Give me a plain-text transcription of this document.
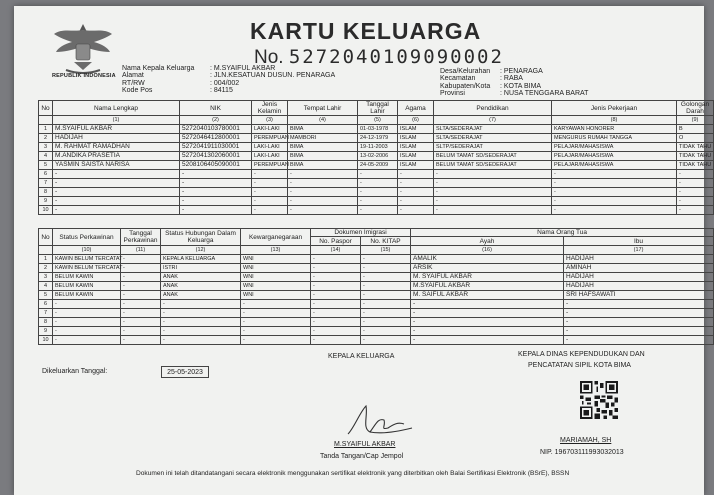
REPUBLIK INDONESIA
KARTU KELUARGA
No. 5272040109090002
Nama Kepala Keluarga	: M.SYAIFUL AKBAR
Alamat	: JLN.KESATUAN DUSUN. PENARAGA
RT/RW	: 004/002
Kode Pos	: 84115
Desa/Kelurahan	: PENARAGA
Kecamatan	: RABA
Kabupaten/Kota	: KOTA BIMA
Provinsi	: NUSA TENGGARA BARAT
No	Nama Lengkap	NIK	Jenis Kelamin	Tempat Lahir	Tanggal Lahir	Agama	Pendidikan	Jenis Pekerjaan	Golongan Darah
	(1)	(2)	(3)	(4)	(5)	(6)	(7)	(8)	(9)
1	M.SYAIFUL AKBAR	5272040103780001	LAKI-LAKI	BIMA	01-03-1978	ISLAM	SLTA/SEDERAJAT	KARYAWAN HONORER	B
2	HADIJAH	5272046412800001	PEREMPUAN	MAMBORI	24-12-1979	ISLAM	SLTA/SEDERAJAT	MENGURUS RUMAH TANGGA	O
3	M. RAHMAT RAMADHAN	5272041911030001	LAKI-LAKI	BIMA	19-11-2003	ISLAM	SLTP/SEDERAJAT	PELAJAR/MAHASISWA	TIDAK TAHU
4	M.ANDIKA PRASETIA	5272041302060001	LAKI-LAKI	BIMA	13-02-2006	ISLAM	BELUM TAMAT SD/SEDERAJAT	PELAJAR/MAHASISWA	TIDAK TAHU
5	YASMIN SAISTA NARISA	5208106405090001	PEREMPUAN	BIMA	24-05-2009	ISLAM	BELUM TAMAT SD/SEDERAJAT	PELAJAR/MAHASISWA	TIDAK TAHU
6	-	-	-	-	-	-	-	-	-
7	-	-	-	-	-	-	-	-	-
8	-	-	-	-	-	-	-	-	-
9	-	-	-	-	-	-	-	-	-
10	-	-	-	-	-	-	-	-	-
No	Status Perkawinan	Tanggal Perkawinan	Status Hubungan Dalam Keluarga	Kewarganegaraan	Dokumen Imigrasi		Nama Orang Tua	
					No. Paspor	No. KITAP	Ayah	Ibu
	(10)	(11)	(12)	(13)	(14)	(15)	(16)	(17)
1	KAWIN BELUM TERCATAT	-	KEPALA KELUARGA	WNI	-	-	AMALIK	HADIJAH
2	KAWIN BELUM TERCATAT	-	ISTRI	WNI	-	-	ARSIK	AMINAH
3	BELUM KAWIN	-	ANAK	WNI	-	-	M. SYAIFUL AKBAR	HADIJAH
4	BELUM KAWIN	-	ANAK	WNI	-	-	M.SYAIFUL AKBAR	HADIJAH
5	BELUM KAWIN	-	ANAK	WNI	-	-	M. SAIFUL AKBAR	SRI HAFSAWATI
6	-	-	-	-	-	-	-	-
7	-	-	-	-	-	-	-	-
8	-	-	-	-	-	-	-	-
9	-	-	-	-	-	-	-	-
10	-	-	-	-	-	-	-	-
Dikeluarkan Tanggal:	25-05-2023
KEPALA KELUARGA
M.SYAIFUL AKBAR
Tanda Tangan/Cap Jempol
KEPALA DINAS KEPENDUDUKAN DAN
PENCATATAN SIPIL KOTA BIMA
MARIAMAH, SH
NIP. 196703111993032013
Dokumen ini telah ditandatangani secara elektronik menggunakan sertifikat elektronik yang diterbitkan oleh Balai Sertifikasi Elektronik (BSrE), BSSN
